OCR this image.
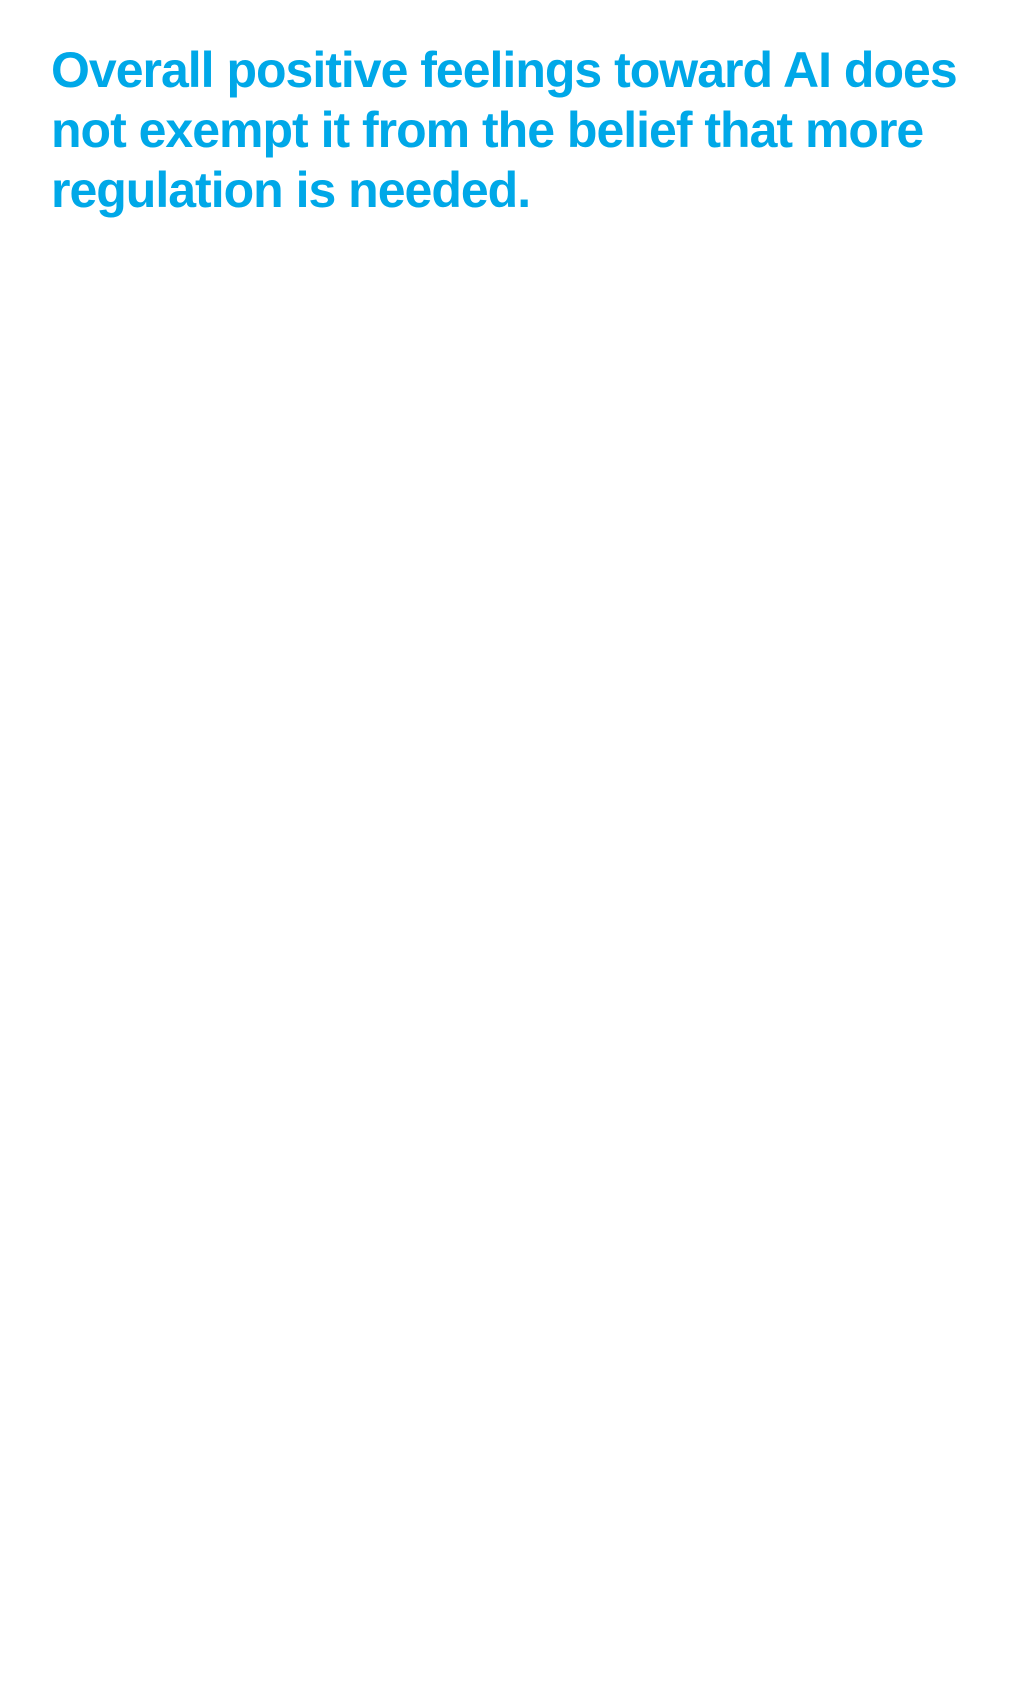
Overall positive feelings toward AI does not exempt it from the belief that more regulation is needed.
